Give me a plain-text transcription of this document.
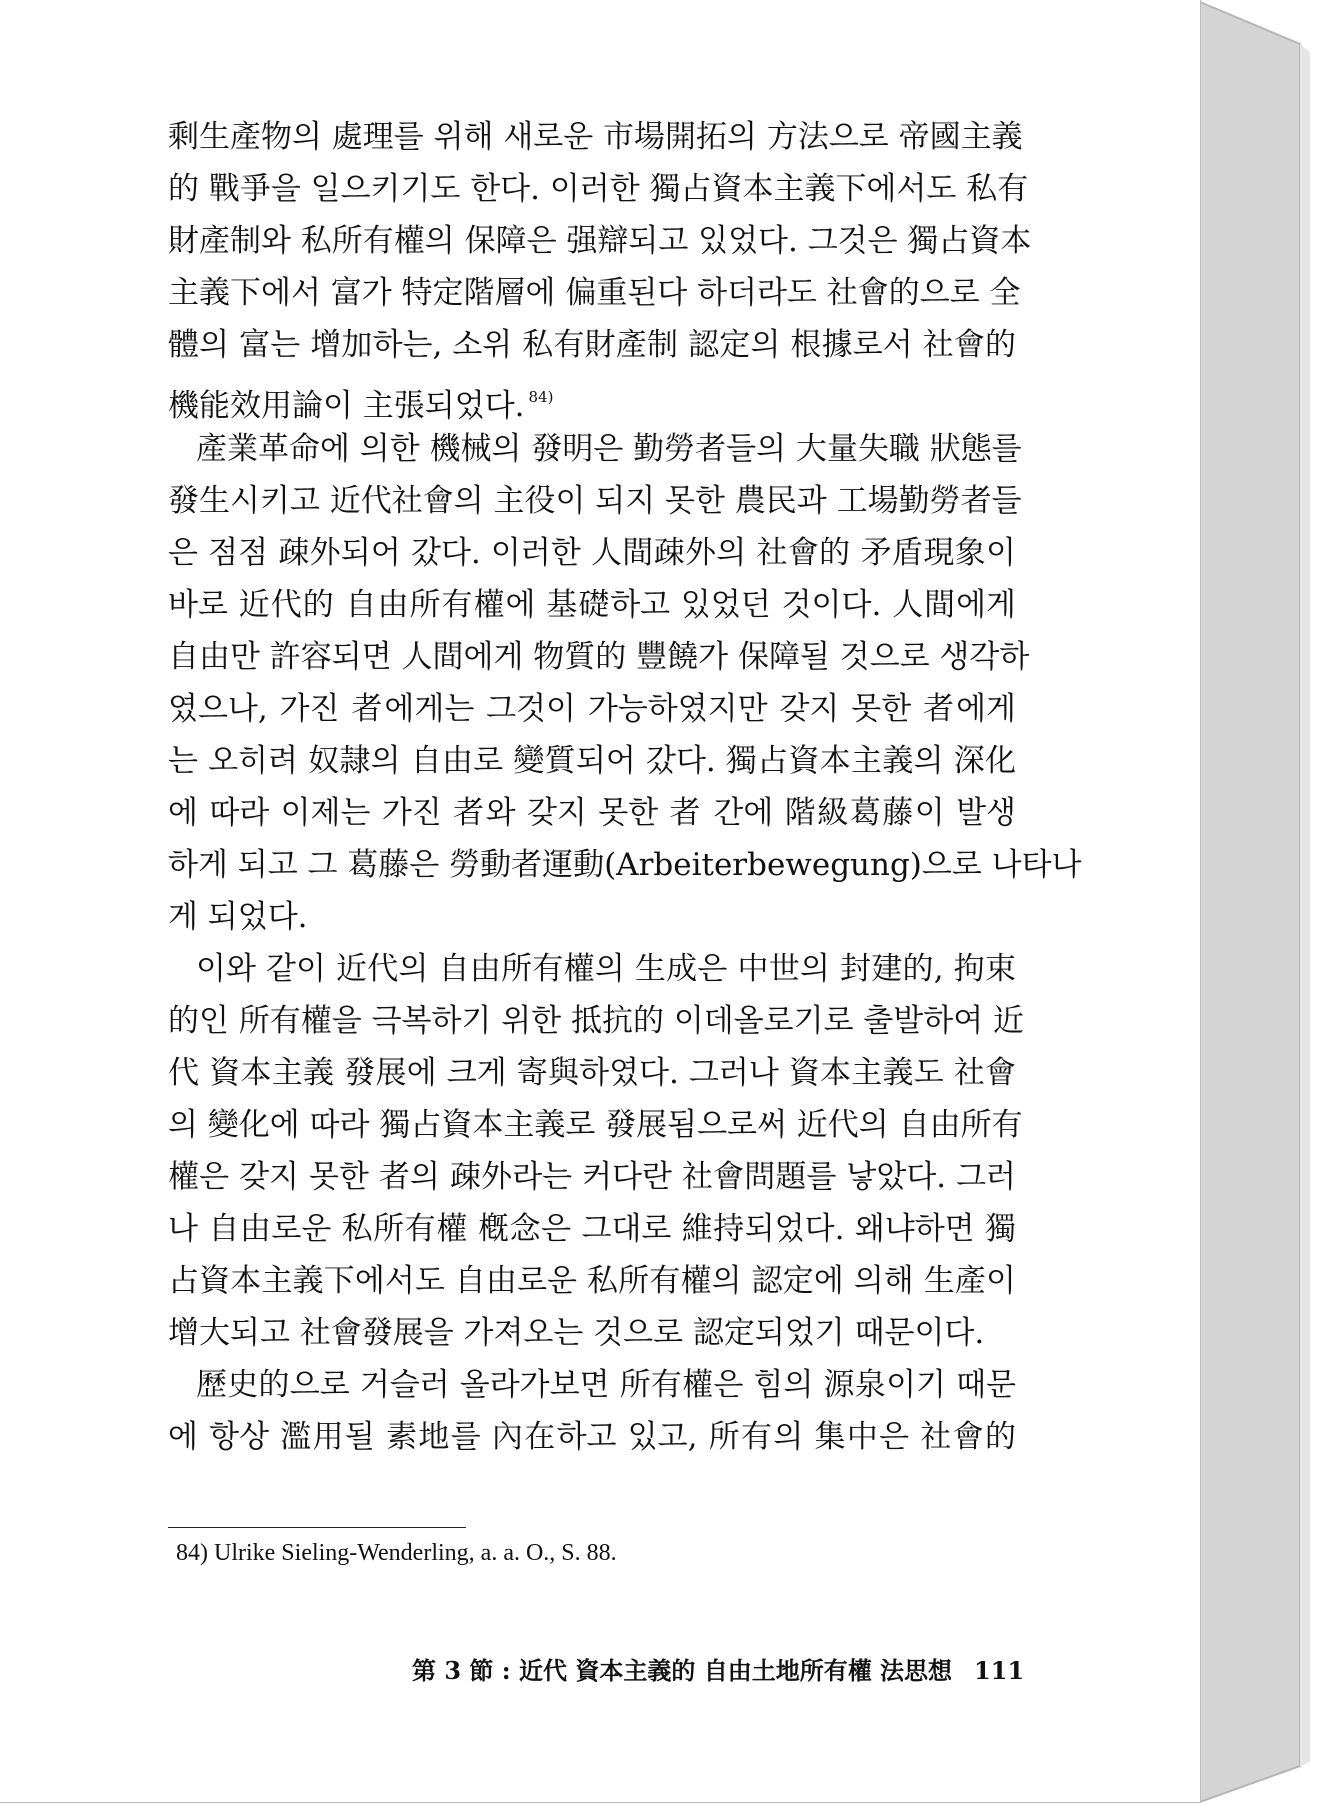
剩生產物의 處理를 위해 새로운 市場開拓의 方法으로 帝國主義
的 戰爭을 일으키기도 한다. 이러한 獨占資本主義下에서도 私有
財產制와 私所有權의 保障은 强辯되고 있었다. 그것은 獨占資本
主義下에서 富가 特定階層에 偏重된다 하더라도 社會的으로 全
體의 富는 增加하는, 소위 私有財產制 認定의 根據로서 社會的
機能效用論이 主張되었다. $^{84)}$
產業革命에 의한 機械의 發明은 勤勞者들의 大量失職 狀態를
發生시키고 近代社會의 主役이 되지 못한 農民과 工場勤勞者들
은 점점 疎外되어 갔다. 이러한 人間疎外의 社會的 矛盾現象이
바로 近代的 自由所有權에 基礎하고 있었던 것이다. 人間에게
自由만 許容되면 人間에게 物質的 豐饒가 保障될 것으로 생각하
였으나, 가진 者에게는 그것이 가능하였지만 갖지 못한 者에게
는 오히려 奴隷의 自由로 變質되어 갔다. 獨占資本主義의 深化
에 따라 이제는 가진 者와 갖지 못한 者 간에 階級葛藤이 발생
하게 되고 그 葛藤은 勞動者運動(Arbeiterbewegung)으로 나타나
게 되었다.
이와 같이 近代의 自由所有權의 生成은 中世의 封建的, 拘束
的인 所有權을 극복하기 위한 抵抗的 이데올로기로 출발하여 近
代 資本主義 發展에 크게 寄與하였다. 그러나 資本主義도 社會
의 變化에 따라 獨占資本主義로 發展됨으로써 近代의 自由所有
權은 갖지 못한 者의 疎外라는 커다란 社會問題를 낳았다. 그러
나 自由로운 私所有權 槪念은 그대로 維持되었다. 왜냐하면 獨
占資本主義下에서도 自由로운 私所有權의 認定에 의해 生產이
增大되고 社會發展을 가져오는 것으로 認定되었기 때문이다.
歷史的으로 거슬러 올라가보면 所有權은 힘의 源泉이기 때문
에 항상 濫用될 素地를 內在하고 있고, 所有의 集中은 社會的
84) Ulrike Sieling-Wenderling, a. a. O., S. 88.
第 3 節 : 近代 資本主義的 自由土地所有權 法思想 111
